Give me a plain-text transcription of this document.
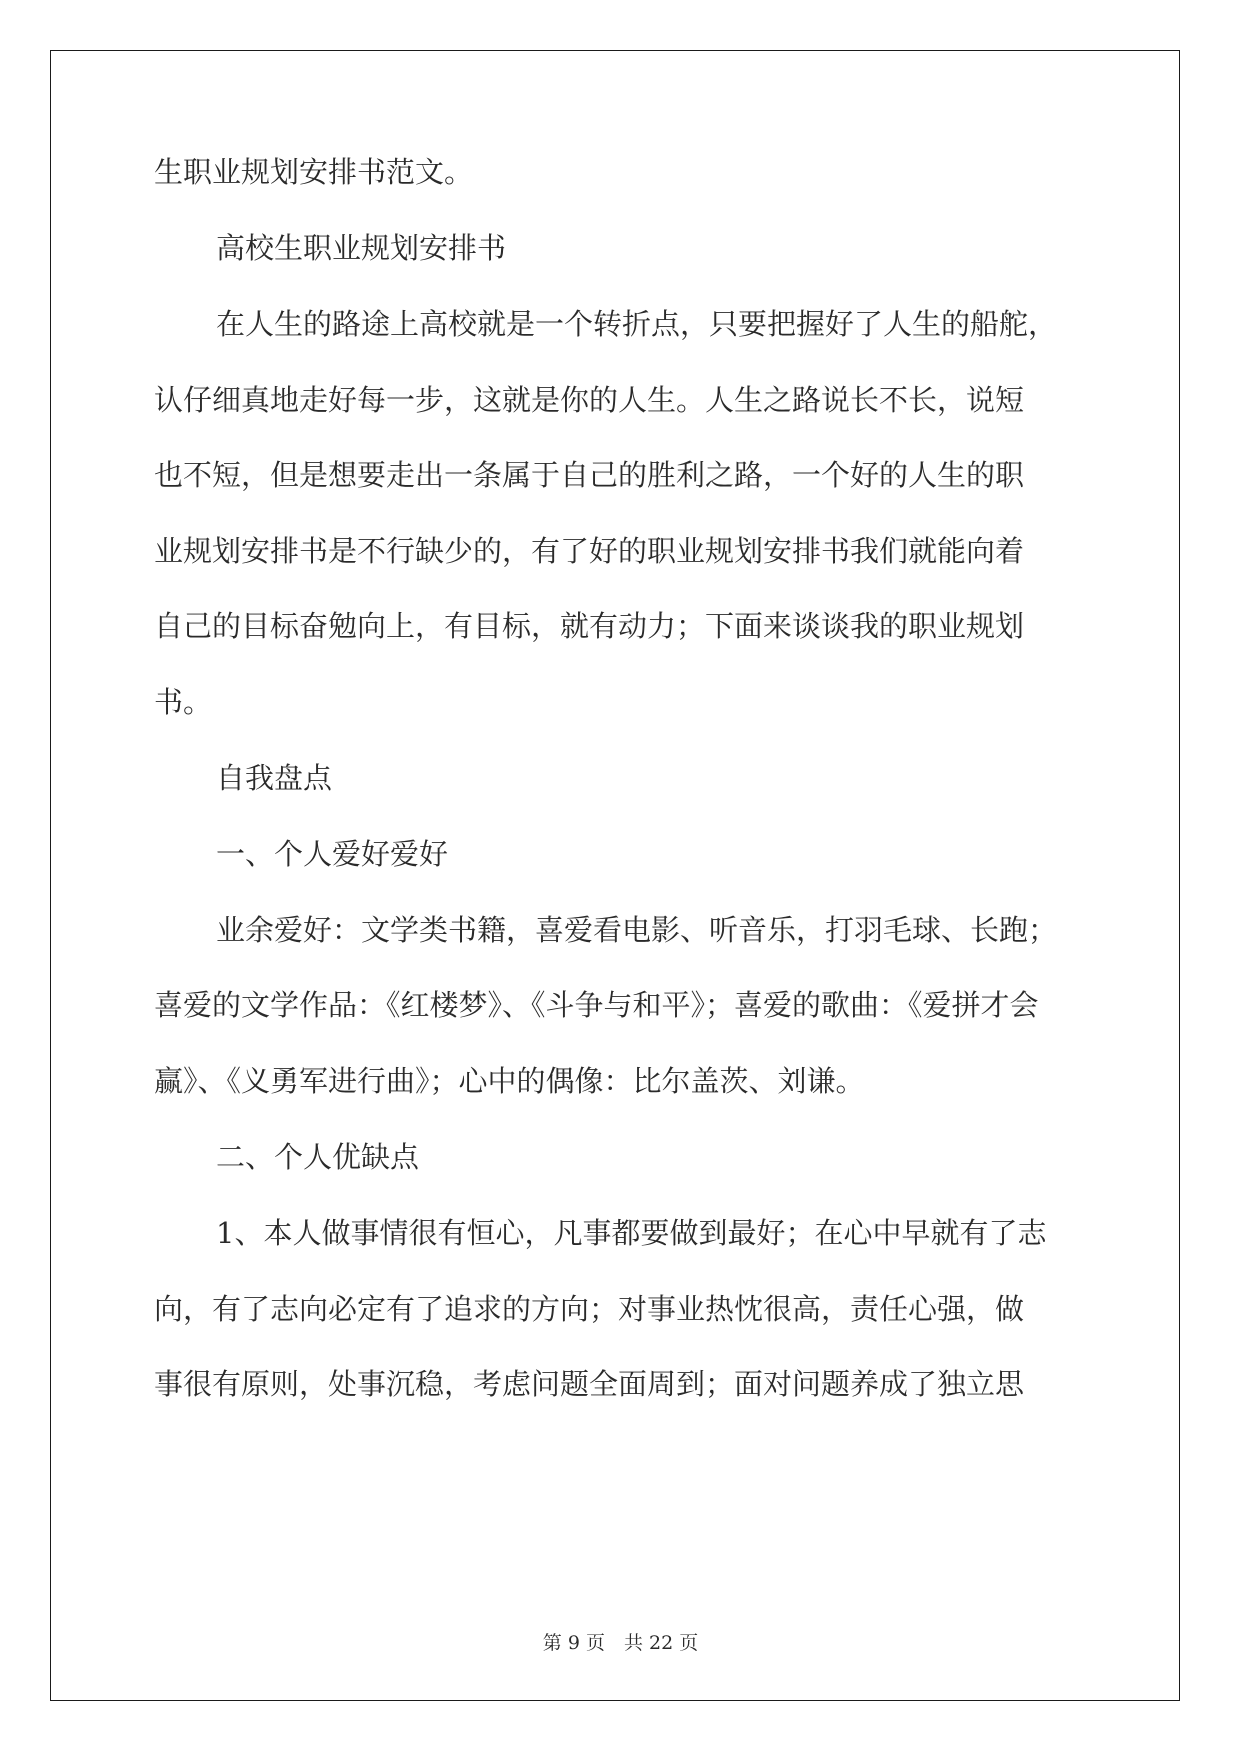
生职业规划安排书范文。

高校生职业规划安排书

在人生的路途上高校就是一个转折点，只要把握好了人生的船舵，

认仔细真地走好每一步，这就是你的人生。人生之路说长不长，说短

也不短，但是想要走出一条属于自己的胜利之路，一个好的人生的职

业规划安排书是不行缺少的，有了好的职业规划安排书我们就能向着

自己的目标奋勉向上，有目标，就有动力；下面来谈谈我的职业规划

书。

自我盘点

一、个人爱好爱好

业余爱好：文学类书籍，喜爱看电影、听音乐，打羽毛球、长跑；

喜爱的文学作品：《红楼梦》、《斗争与和平》；喜爱的歌曲：《爱拼才会

赢》、《义勇军进行曲》；心中的偶像：比尔盖茨、刘谦。

二、个人优缺点

1、本人做事情很有恒心，凡事都要做到最好；在心中早就有了志

向，有了志向必定有了追求的方向；对事业热忱很高，责任心强，做

事很有原则，处事沉稳，考虑问题全面周到；面对问题养成了独立思

第 9 页　共 22 页
